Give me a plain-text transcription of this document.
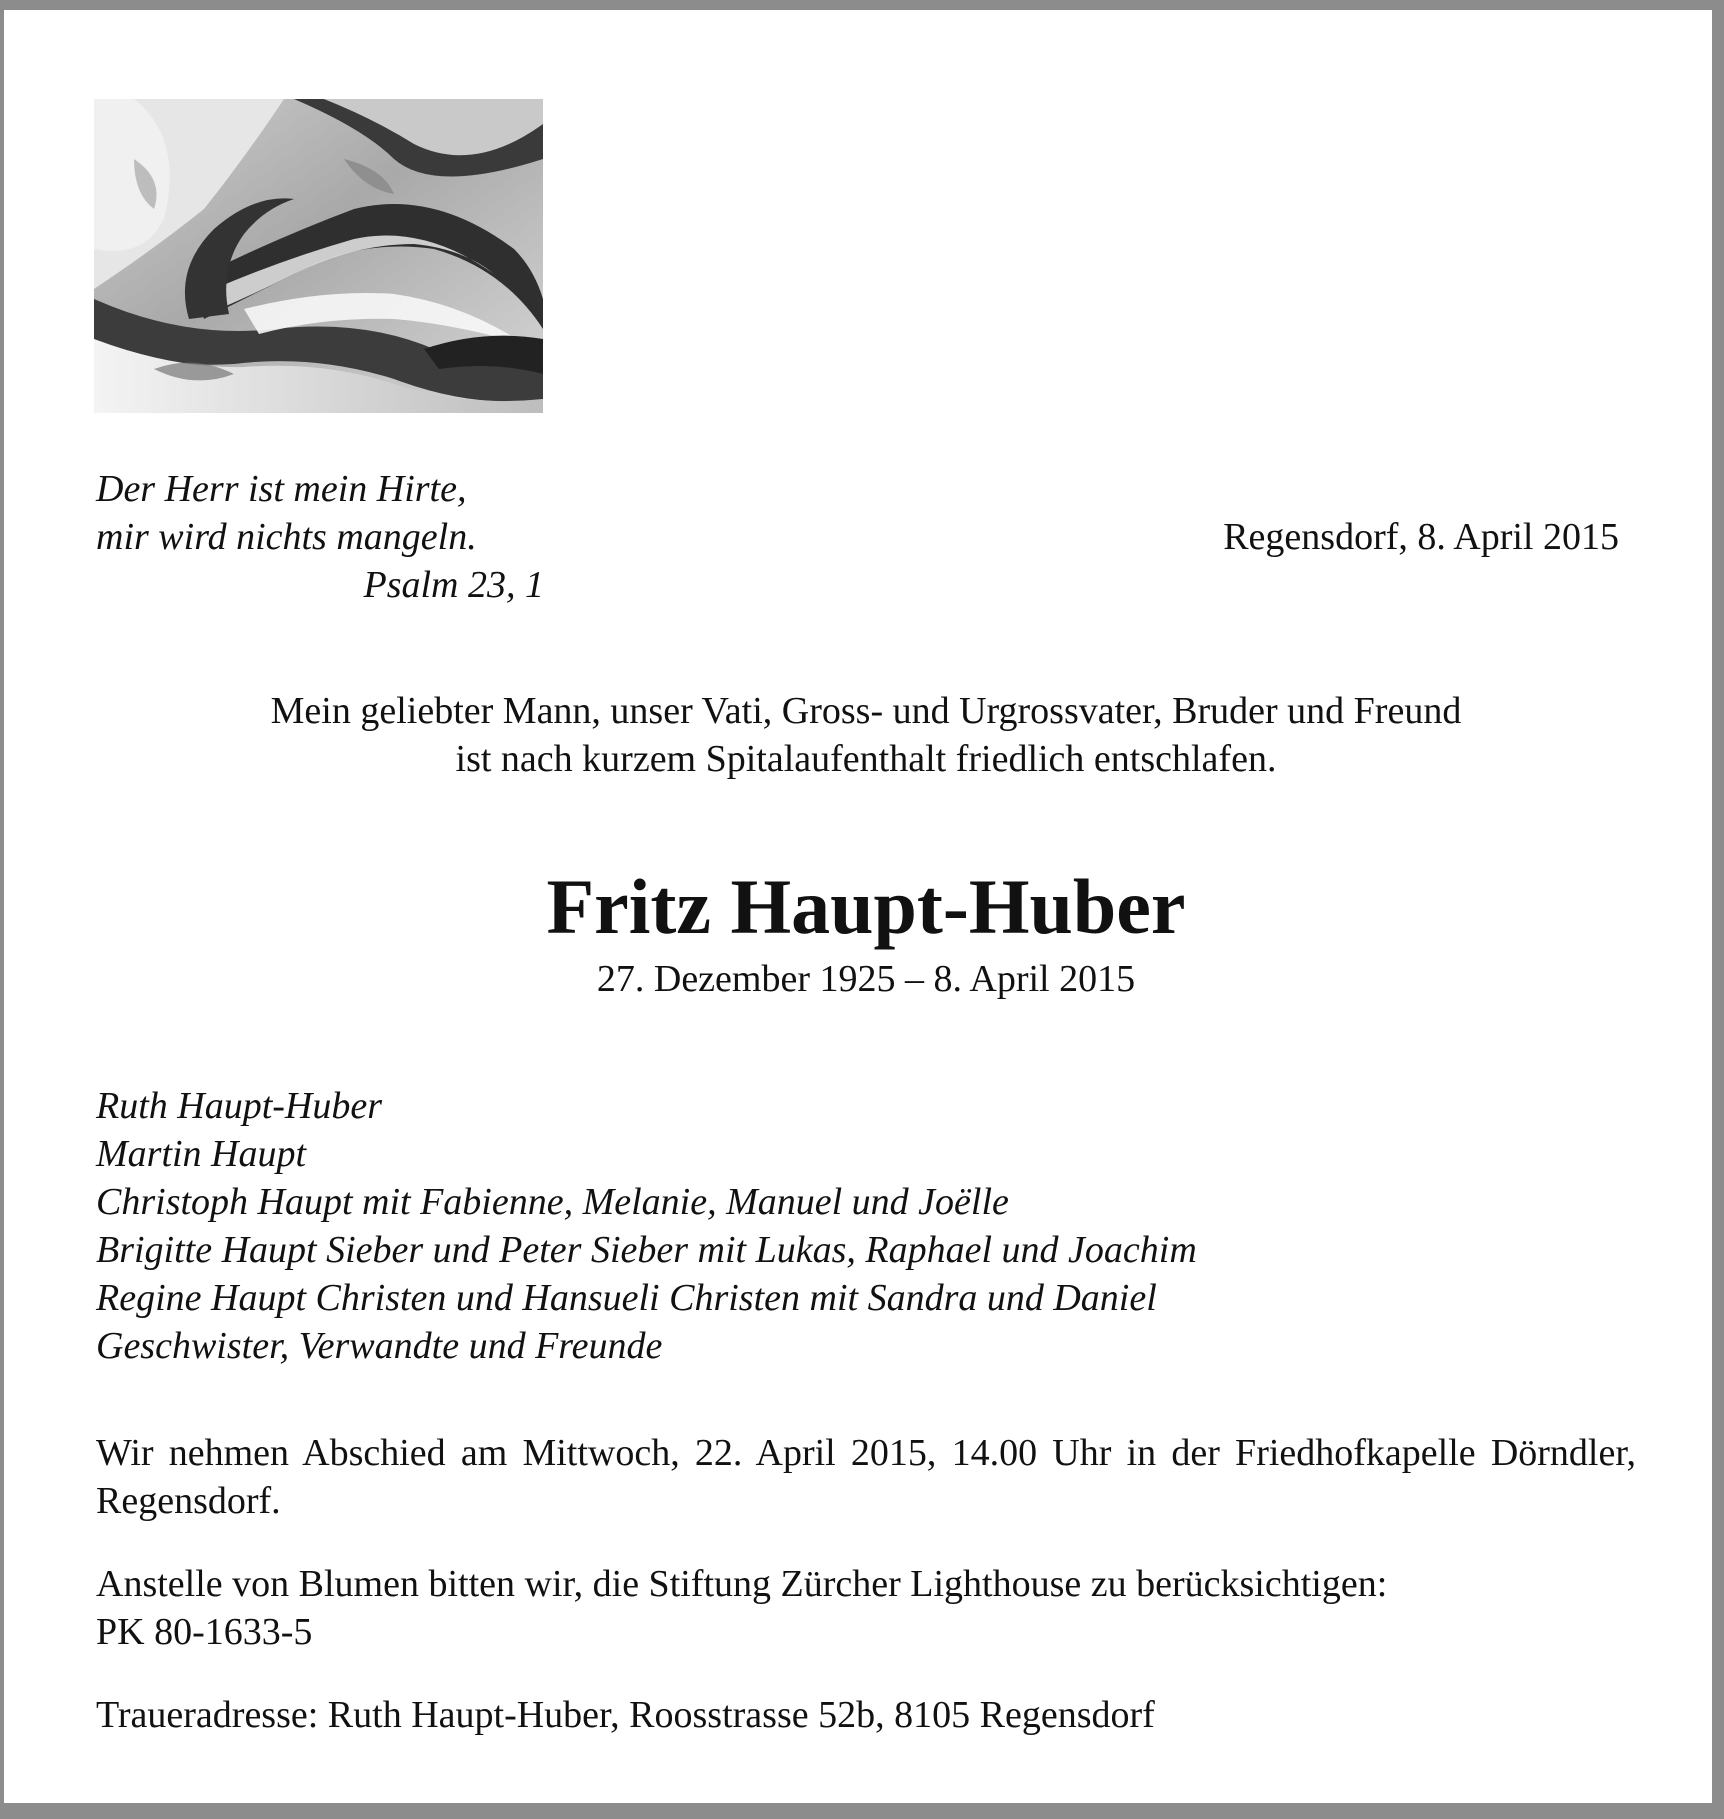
Der Herr ist mein Hirte,
mir wird nichts mangeln.
Psalm 23, 1
Regensdorf, 8. April 2015
Mein geliebter Mann, unser Vati, Gross- und Urgrossvater, Bruder und Freund
ist nach kurzem Spitalaufenthalt friedlich entschlafen.
Fritz Haupt-Huber
27. Dezember 1925 – 8. April 2015
Ruth Haupt-Huber
Martin Haupt
Christoph Haupt mit Fabienne, Melanie, Manuel und Joëlle
Brigitte Haupt Sieber und Peter Sieber mit Lukas, Raphael und Joachim
Regine Haupt Christen und Hansueli Christen mit Sandra und Daniel
Geschwister, Verwandte und Freunde
Wir nehmen Abschied am Mittwoch, 22. April 2015, 14.00 Uhr in der Friedhofkapelle Dörndler, Regensdorf.
Anstelle von Blumen bitten wir, die Stiftung Zürcher Lighthouse zu berücksichtigen:
PK 80-1633-5
Traueradresse: Ruth Haupt-Huber, Roosstrasse 52b, 8105 Regensdorf
